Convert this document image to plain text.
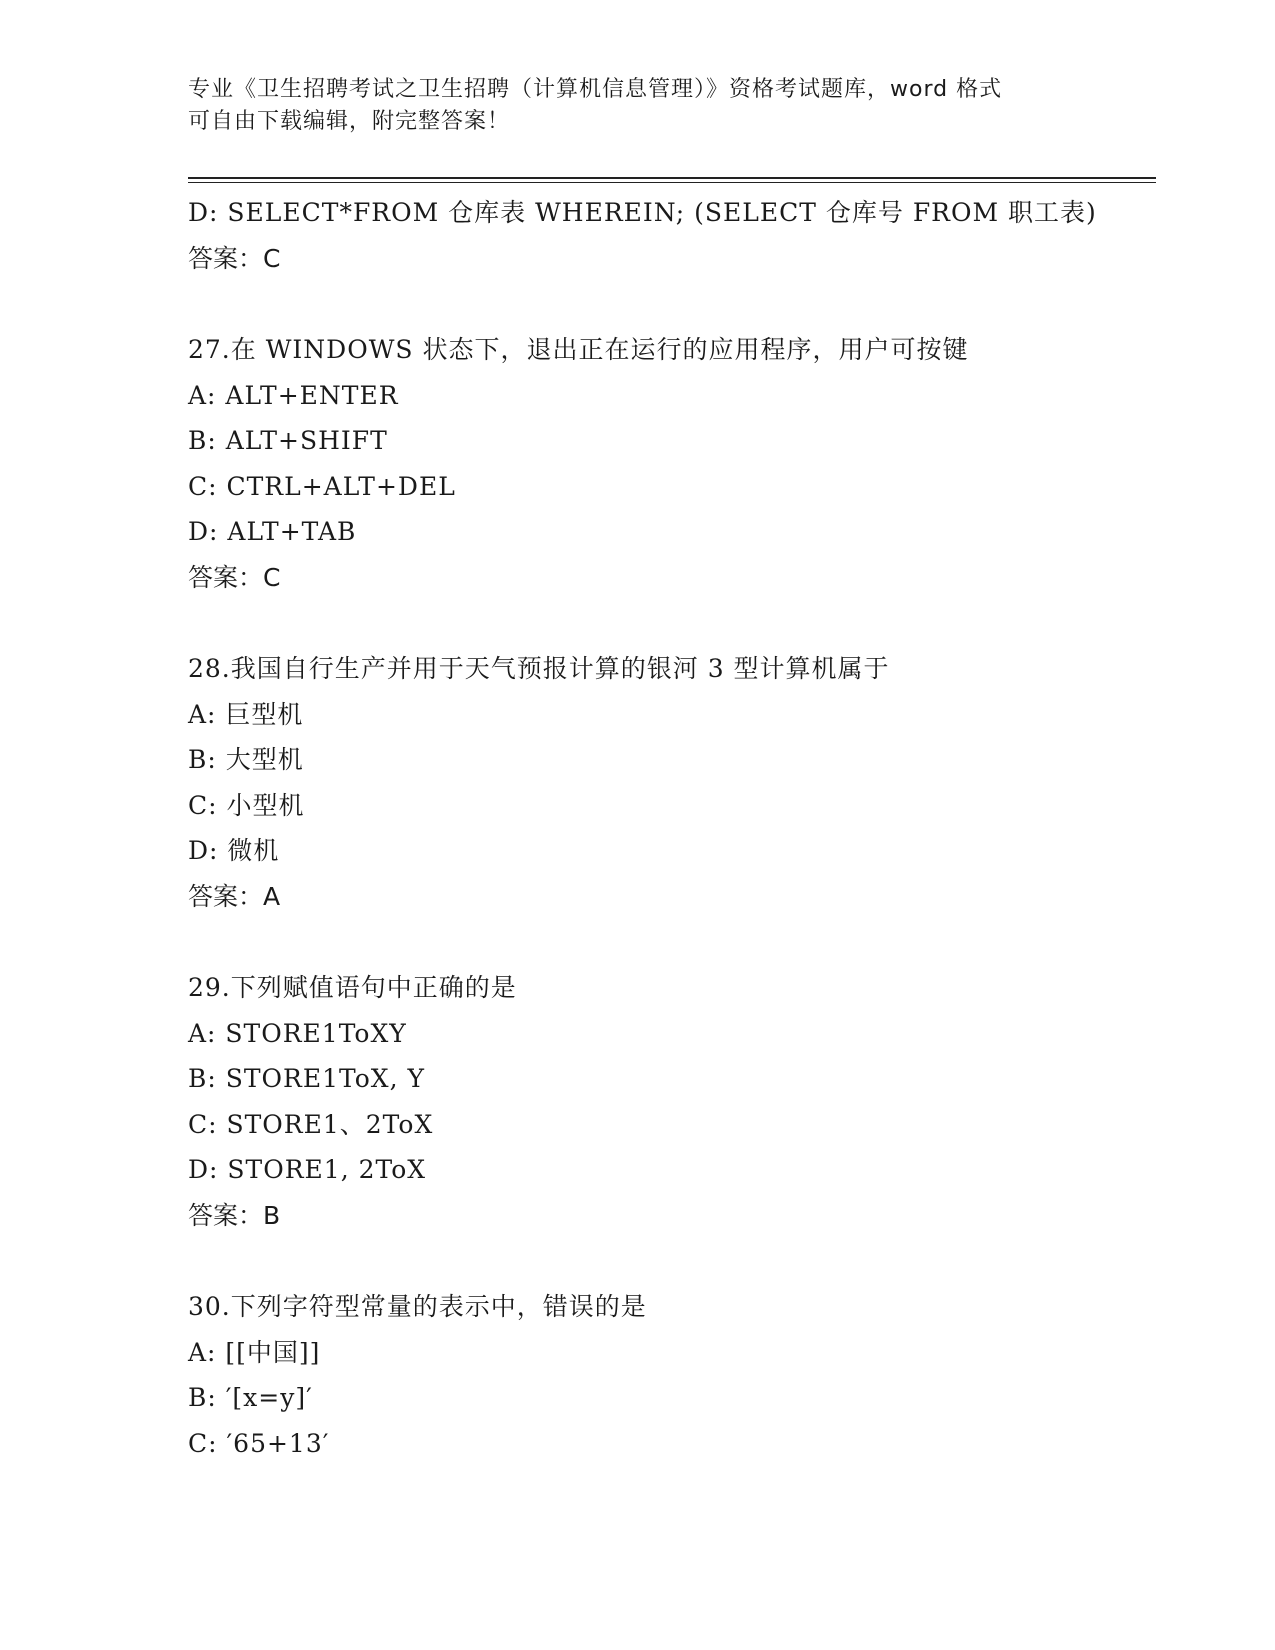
专业《卫生招聘考试之卫生招聘（计算机信息管理）》资格考试题库，word 格式
可自由下载编辑，附完整答案！
D: SELECT*FROM 仓库表 WHEREIN; (SELECT 仓库号 FROM 职工表)
答案：C
27.在 WINDOWS 状态下，退出正在运行的应用程序，用户可按键
A: ALT+ENTER
B: ALT+SHIFT
C: CTRL+ALT+DEL
D: ALT+TAB
答案：C
28.我国自行生产并用于天气预报计算的银河 3 型计算机属于
A: 巨型机
B: 大型机
C: 小型机
D: 微机
答案：A
29.下列赋值语句中正确的是
A: STORE1ToXY
B: STORE1ToX, Y
C: STORE1、2ToX
D: STORE1, 2ToX
答案：B
30.下列字符型常量的表示中，错误的是
A: [[中国]]
B: ′[x=y]′
C: ′65+13′
